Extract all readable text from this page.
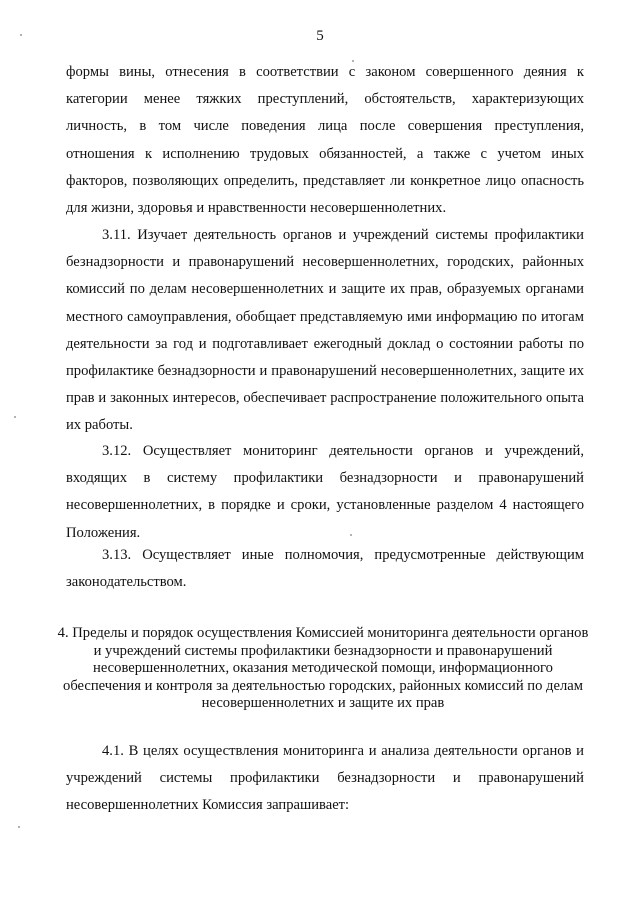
5

формы вины, отнесения в соответствии с законом совершенного деяния к категории менее тяжких преступлений, обстоятельств, характеризующих личность, в том числе поведения лица после совершения преступления, отношения к исполнению трудовых обязанностей, а также с учетом иных факторов, позволяющих определить, представляет ли конкретное лицо опасность для жизни, здоровья и нравственности несовершеннолетних.

3.11. Изучает деятельность органов и учреждений системы профилактики безнадзорности и правонарушений несовершеннолетних, городских, районных комиссий по делам несовершеннолетних и защите их прав, образуемых органами местного самоуправления, обобщает представляемую ими информацию по итогам деятельности за год и подготавливает ежегодный доклад о состоянии работы по профилактике безнадзорности и правонарушений несовершеннолетних, защите их прав и законных интересов, обеспечивает распространение положительного опыта их работы.

3.12. Осуществляет мониторинг деятельности органов и учреждений, входящих в систему профилактики безнадзорности и правонарушений несовершеннолетних, в порядке и сроки, установленные разделом 4 настоящего Положения.

3.13. Осуществляет иные полномочия, предусмотренные действующим законодательством.

4. Пределы и порядок осуществления Комиссией мониторинга деятельности органов и учреждений системы профилактики безнадзорности и правонарушений несовершеннолетних, оказания методической помощи, информационного обеспечения и контроля за деятельностью городских, районных комиссий по делам несовершеннолетних и защите их прав

4.1. В целях осуществления мониторинга и анализа деятельности органов и учреждений системы профилактики безнадзорности и правонарушений несовершеннолетних Комиссия запрашивает:
